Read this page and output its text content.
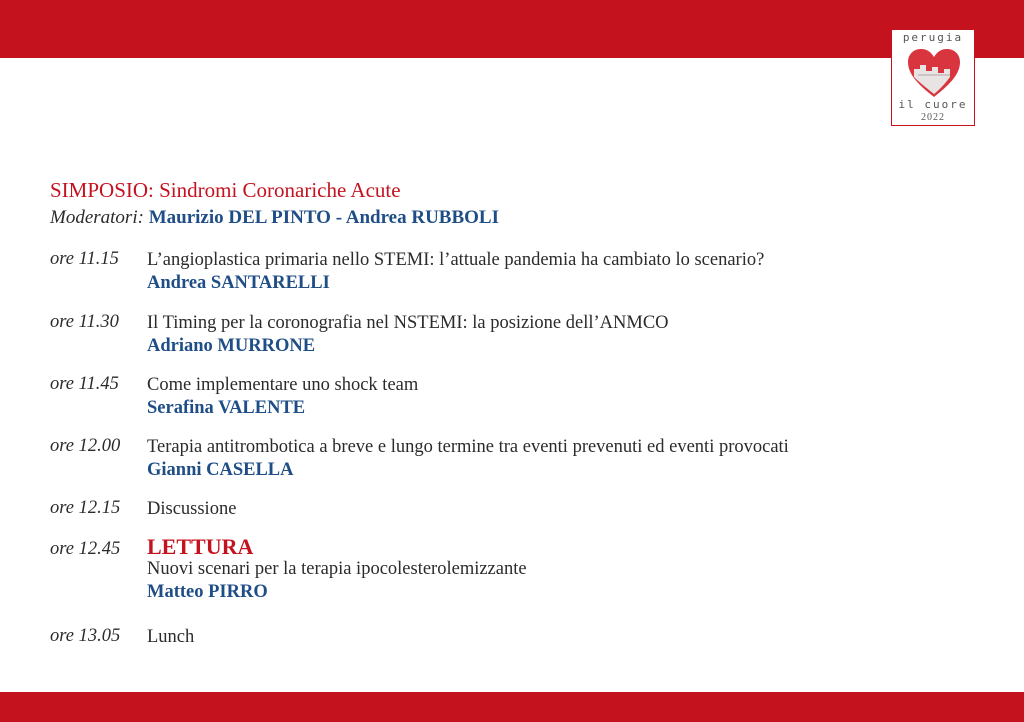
perugia
il cuore
2022
SIMPOSIO: Sindromi Coronariche Acute
Moderatori: Maurizio DEL PINTO - Andrea RUBBOLI
ore 11.15	L’angioplastica primaria nello STEMI: l’attuale pandemia ha cambiato lo scenario?
Andrea SANTARELLI
ore 11.30	Il Timing per la coronografia nel NSTEMI: la posizione dell’ANMCO
Adriano MURRONE
ore 11.45	Come implementare uno shock team
Serafina VALENTE
ore 12.00	Terapia antitrombotica a breve e lungo termine tra eventi prevenuti ed eventi provocati
Gianni CASELLA
ore 12.15	Discussione
ore 12.45	LETTURA
Nuovi scenari per la terapia ipocolesterolemizzante
Matteo PIRRO
ore 13.05	Lunch
